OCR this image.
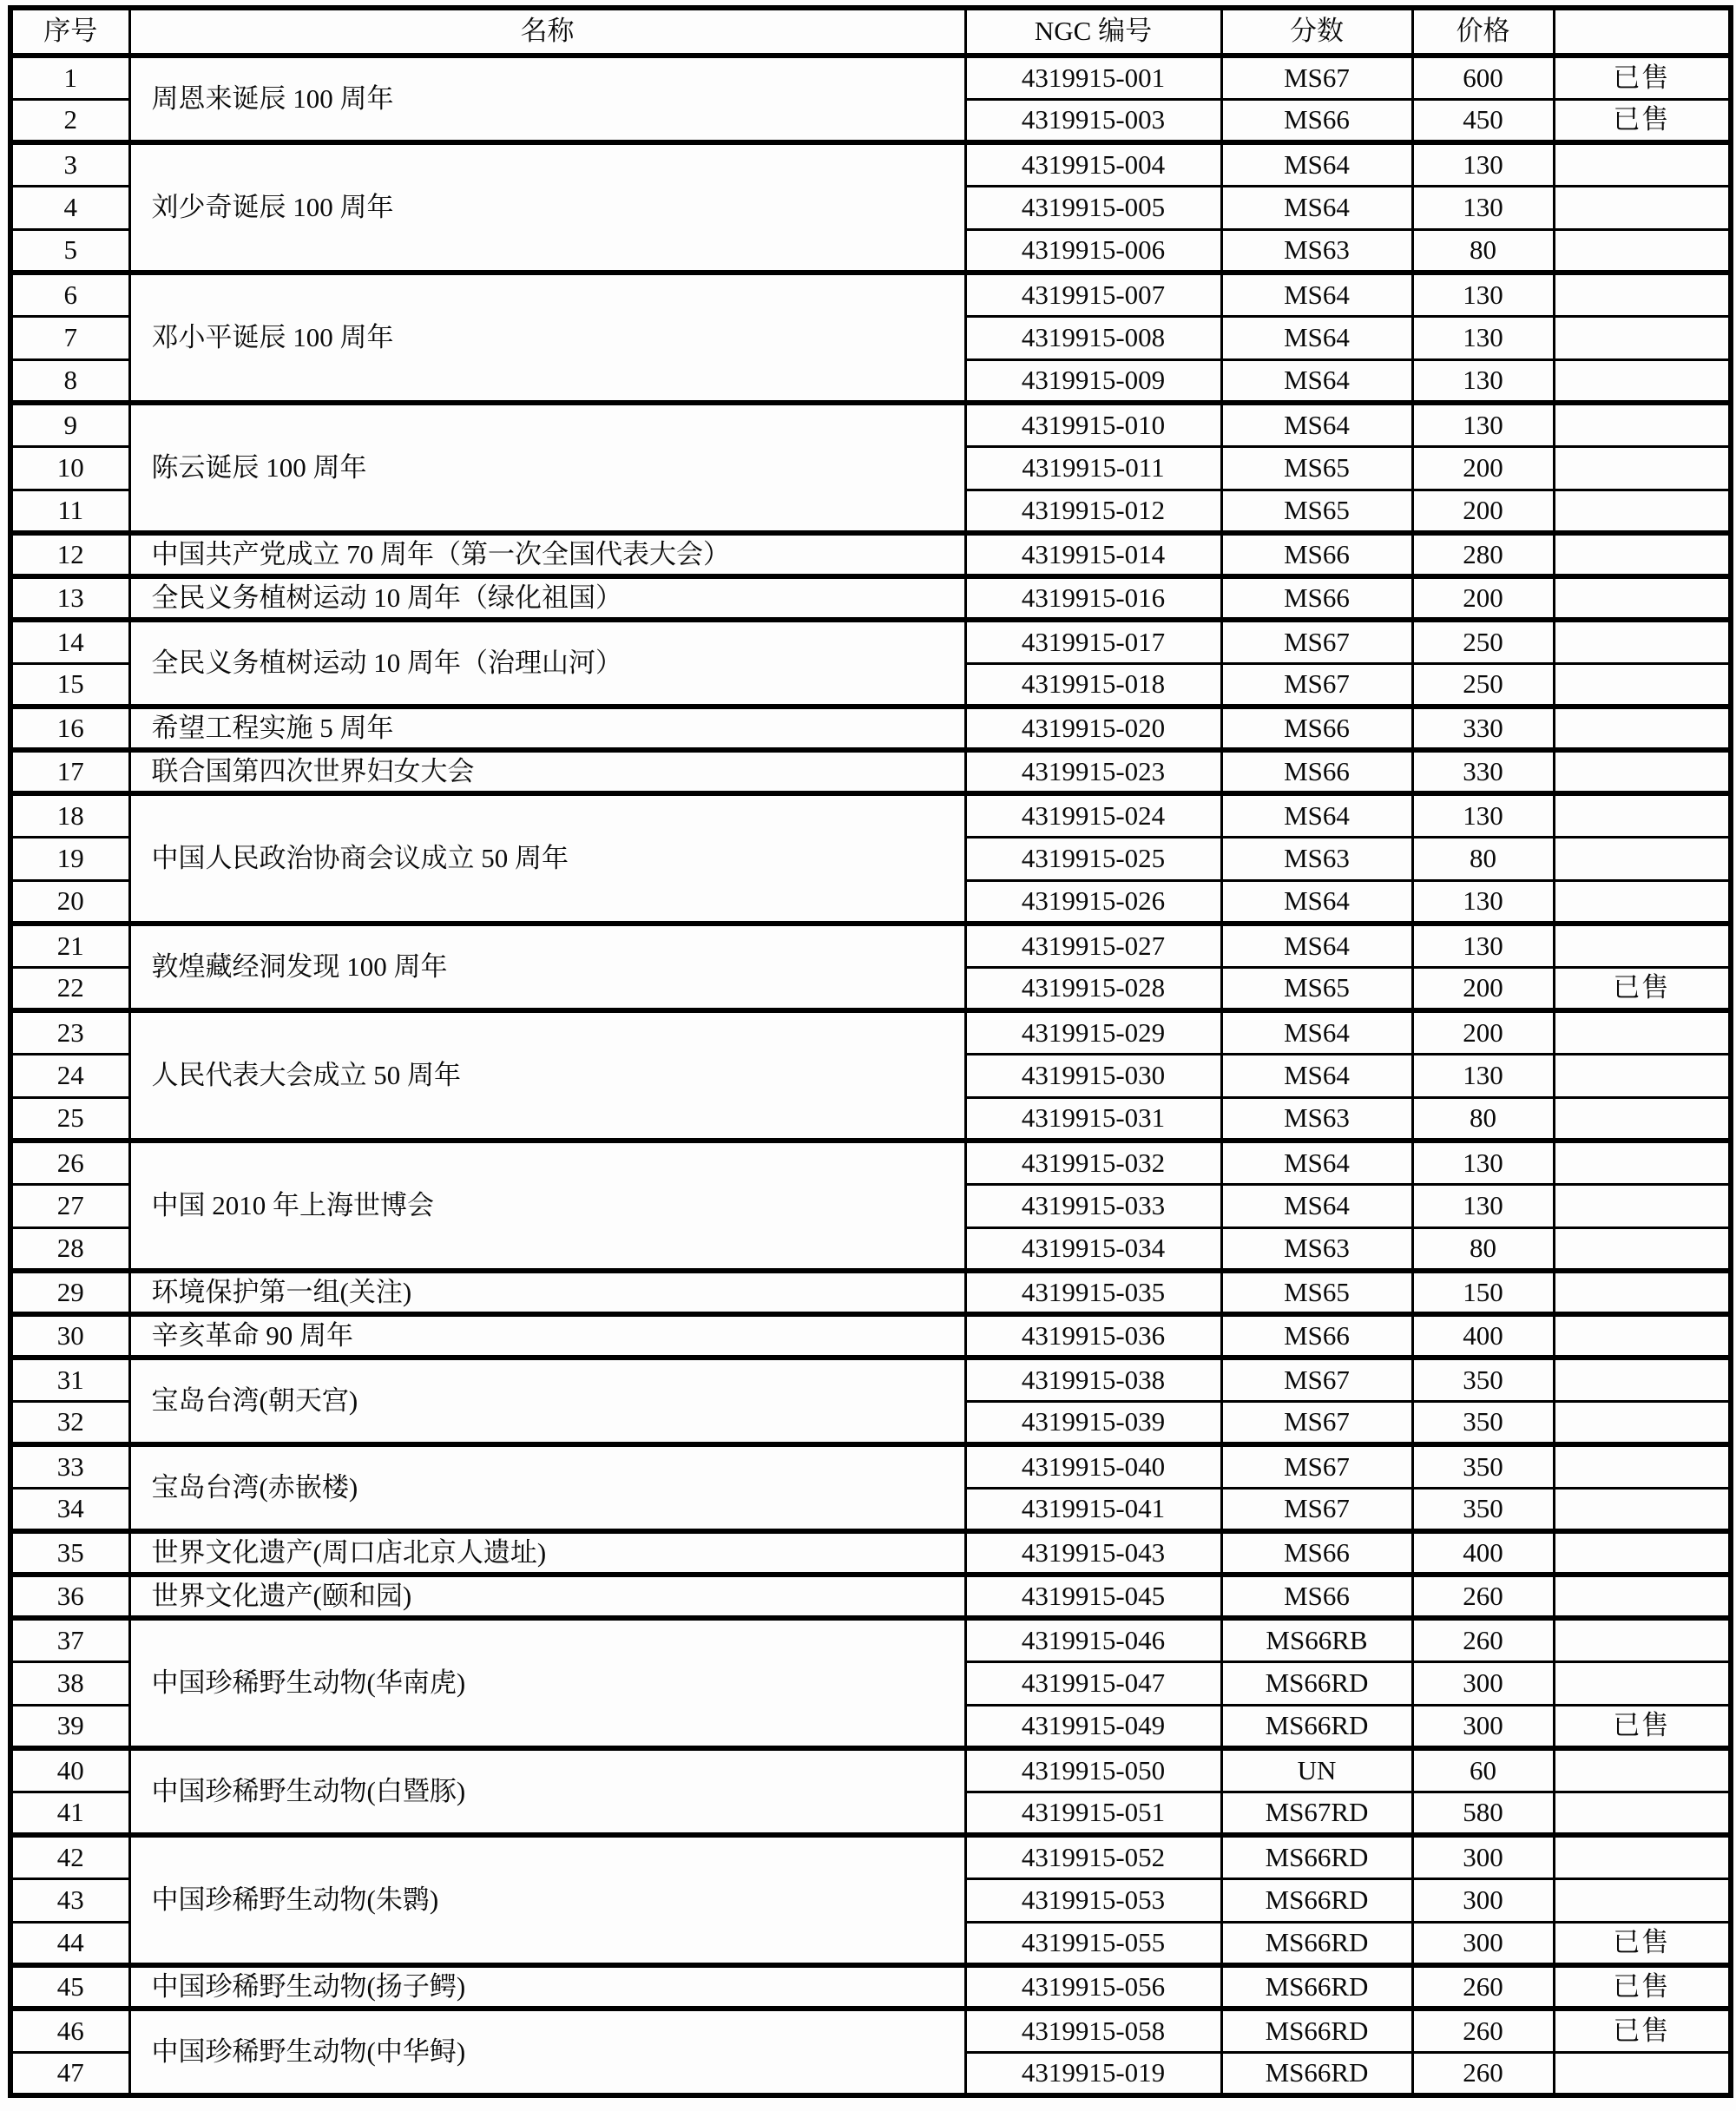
序号	名称	NGC 编号	分数	价格	
1	周恩来诞辰 100 周年	4319915-001	MS67	600	已售
2		4319915-003	MS66	450	已售
3	刘少奇诞辰 100 周年	4319915-004	MS64	130	
4		4319915-005	MS64	130	
5		4319915-006	MS63	80	
6	邓小平诞辰 100 周年	4319915-007	MS64	130	
7		4319915-008	MS64	130	
8		4319915-009	MS64	130	
9	陈云诞辰 100 周年	4319915-010	MS64	130	
10		4319915-011	MS65	200	
11		4319915-012	MS65	200	
12	中国共产党成立 70 周年（第一次全国代表大会）	4319915-014	MS66	280	
13	全民义务植树运动 10 周年（绿化祖国）	4319915-016	MS66	200	
14	全民义务植树运动 10 周年（治理山河）	4319915-017	MS67	250	
15		4319915-018	MS67	250	
16	希望工程实施 5 周年	4319915-020	MS66	330	
17	联合国第四次世界妇女大会	4319915-023	MS66	330	
18	中国人民政治协商会议成立 50 周年	4319915-024	MS64	130	
19		4319915-025	MS63	80	
20		4319915-026	MS64	130	
21	敦煌藏经洞发现 100 周年	4319915-027	MS64	130	
22		4319915-028	MS65	200	已售
23	人民代表大会成立 50 周年	4319915-029	MS64	200	
24		4319915-030	MS64	130	
25		4319915-031	MS63	80	
26	中国 2010 年上海世博会	4319915-032	MS64	130	
27		4319915-033	MS64	130	
28		4319915-034	MS63	80	
29	环境保护第一组(关注)	4319915-035	MS65	150	
30	辛亥革命 90 周年	4319915-036	MS66	400	
31	宝岛台湾(朝天宫)	4319915-038	MS67	350	
32		4319915-039	MS67	350	
33	宝岛台湾(赤嵌楼)	4319915-040	MS67	350	
34		4319915-041	MS67	350	
35	世界文化遗产(周口店北京人遗址)	4319915-043	MS66	400	
36	世界文化遗产(颐和园)	4319915-045	MS66	260	
37	中国珍稀野生动物(华南虎)	4319915-046	MS66RB	260	
38		4319915-047	MS66RD	300	
39		4319915-049	MS66RD	300	已售
40	中国珍稀野生动物(白暨豚)	4319915-050	UN	60	
41		4319915-051	MS67RD	580	
42	中国珍稀野生动物(朱鹮)	4319915-052	MS66RD	300	
43		4319915-053	MS66RD	300	
44		4319915-055	MS66RD	300	已售
45	中国珍稀野生动物(扬子鳄)	4319915-056	MS66RD	260	已售
46	中国珍稀野生动物(中华鲟)	4319915-058	MS66RD	260	已售
47		4319915-019	MS66RD	260	
